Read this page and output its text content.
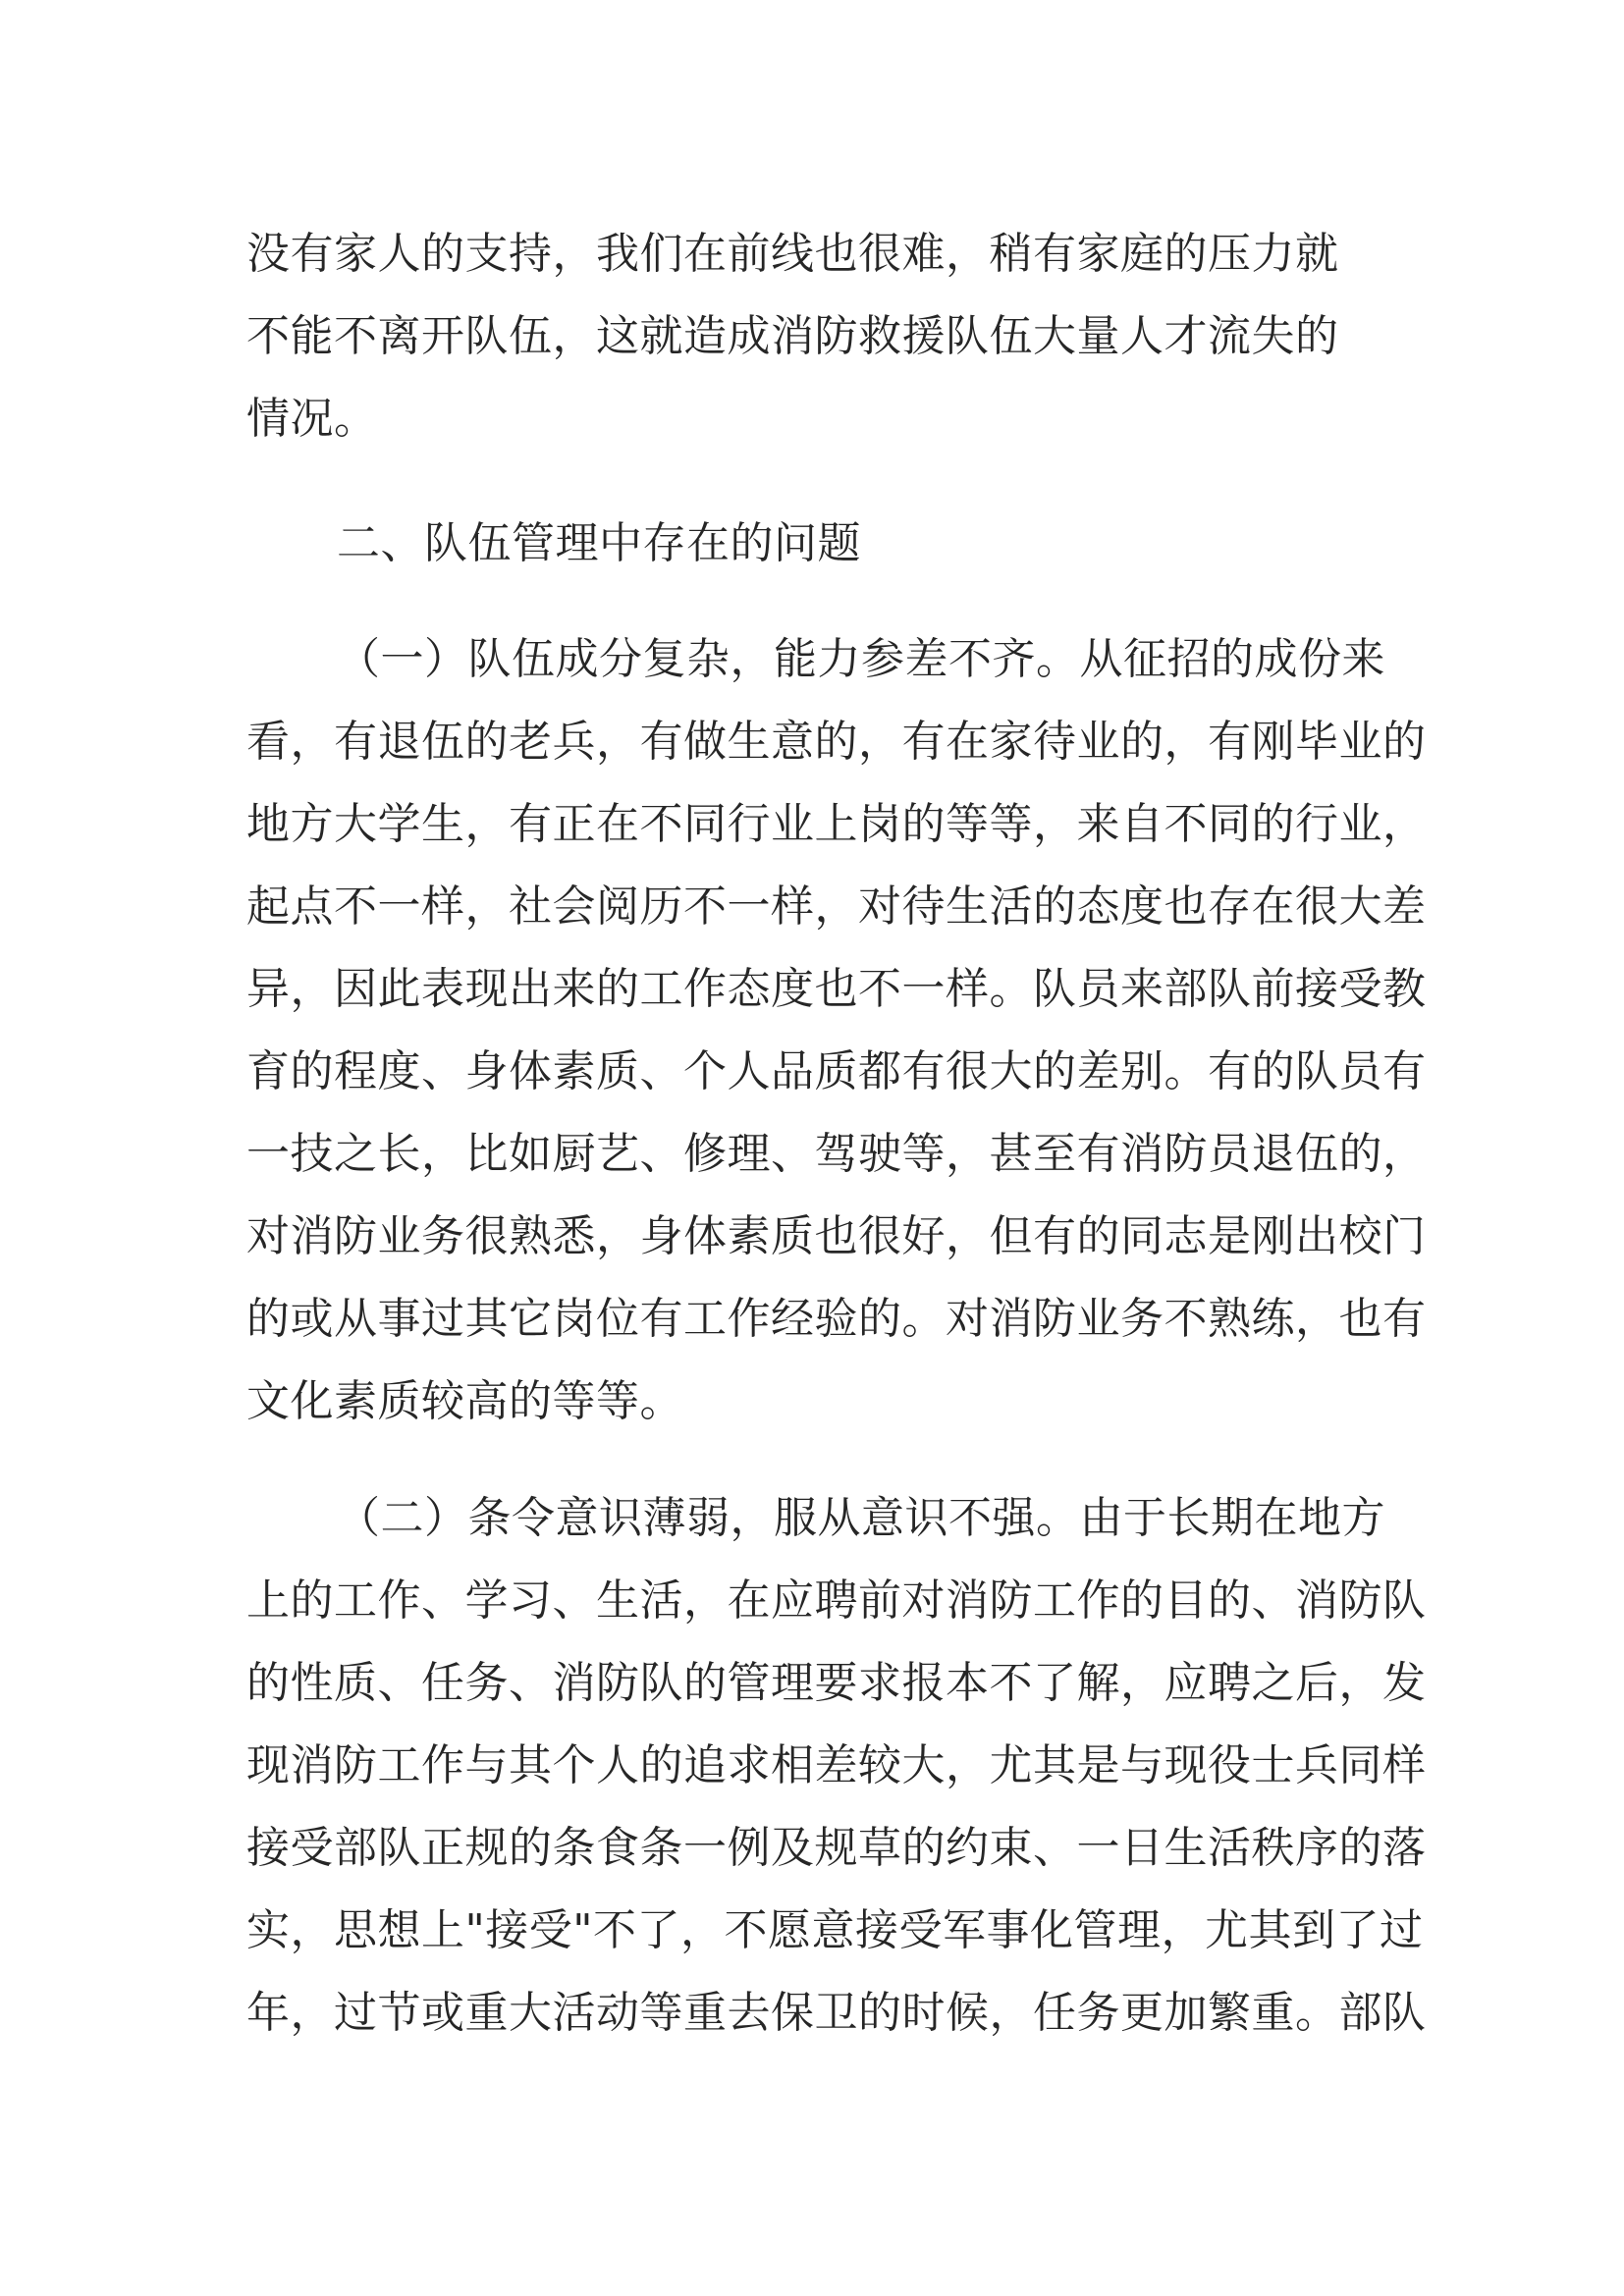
没有家人的支持，我们在前线也很难，稍有家庭的压力就
不能不离开队伍，这就造成消防救援队伍大量人才流失的
情况。
二、队伍管理中存在的问题
（一）队伍成分复杂，能力参差不齐。从征招的成份来
看，有退伍的老兵，有做生意的，有在家待业的，有刚毕业的
地方大学生，有正在不同行业上岗的等等，来自不同的行业，
起点不一样，社会阅历不一样，对待生活的态度也存在很大差
异，因此表现出来的工作态度也不一样。队员来部队前接受教
育的程度、身体素质、个人品质都有很大的差别。有的队员有
一技之长，比如厨艺、修理、驾驶等，甚至有消防员退伍的，
对消防业务很熟悉，身体素质也很好，但有的同志是刚出校门
的或从事过其它岗位有工作经验的。对消防业务不熟练，也有
文化素质较高的等等。
（二）条令意识薄弱，服从意识不强。由于长期在地方
上的工作、学习、生活，在应聘前对消防工作的目的、消防队
的性质、任务、消防队的管理要求报本不了解，应聘之后，发
现消防工作与其个人的追求相差较大，尤其是与现役士兵同样
接受部队正规的条食条一例及规草的约束、一日生活秩序的落
实，思想上"接受"不了，不愿意接受军事化管理，尤其到了过
年，过节或重大活动等重去保卫的时候，任务更加繁重。部队
